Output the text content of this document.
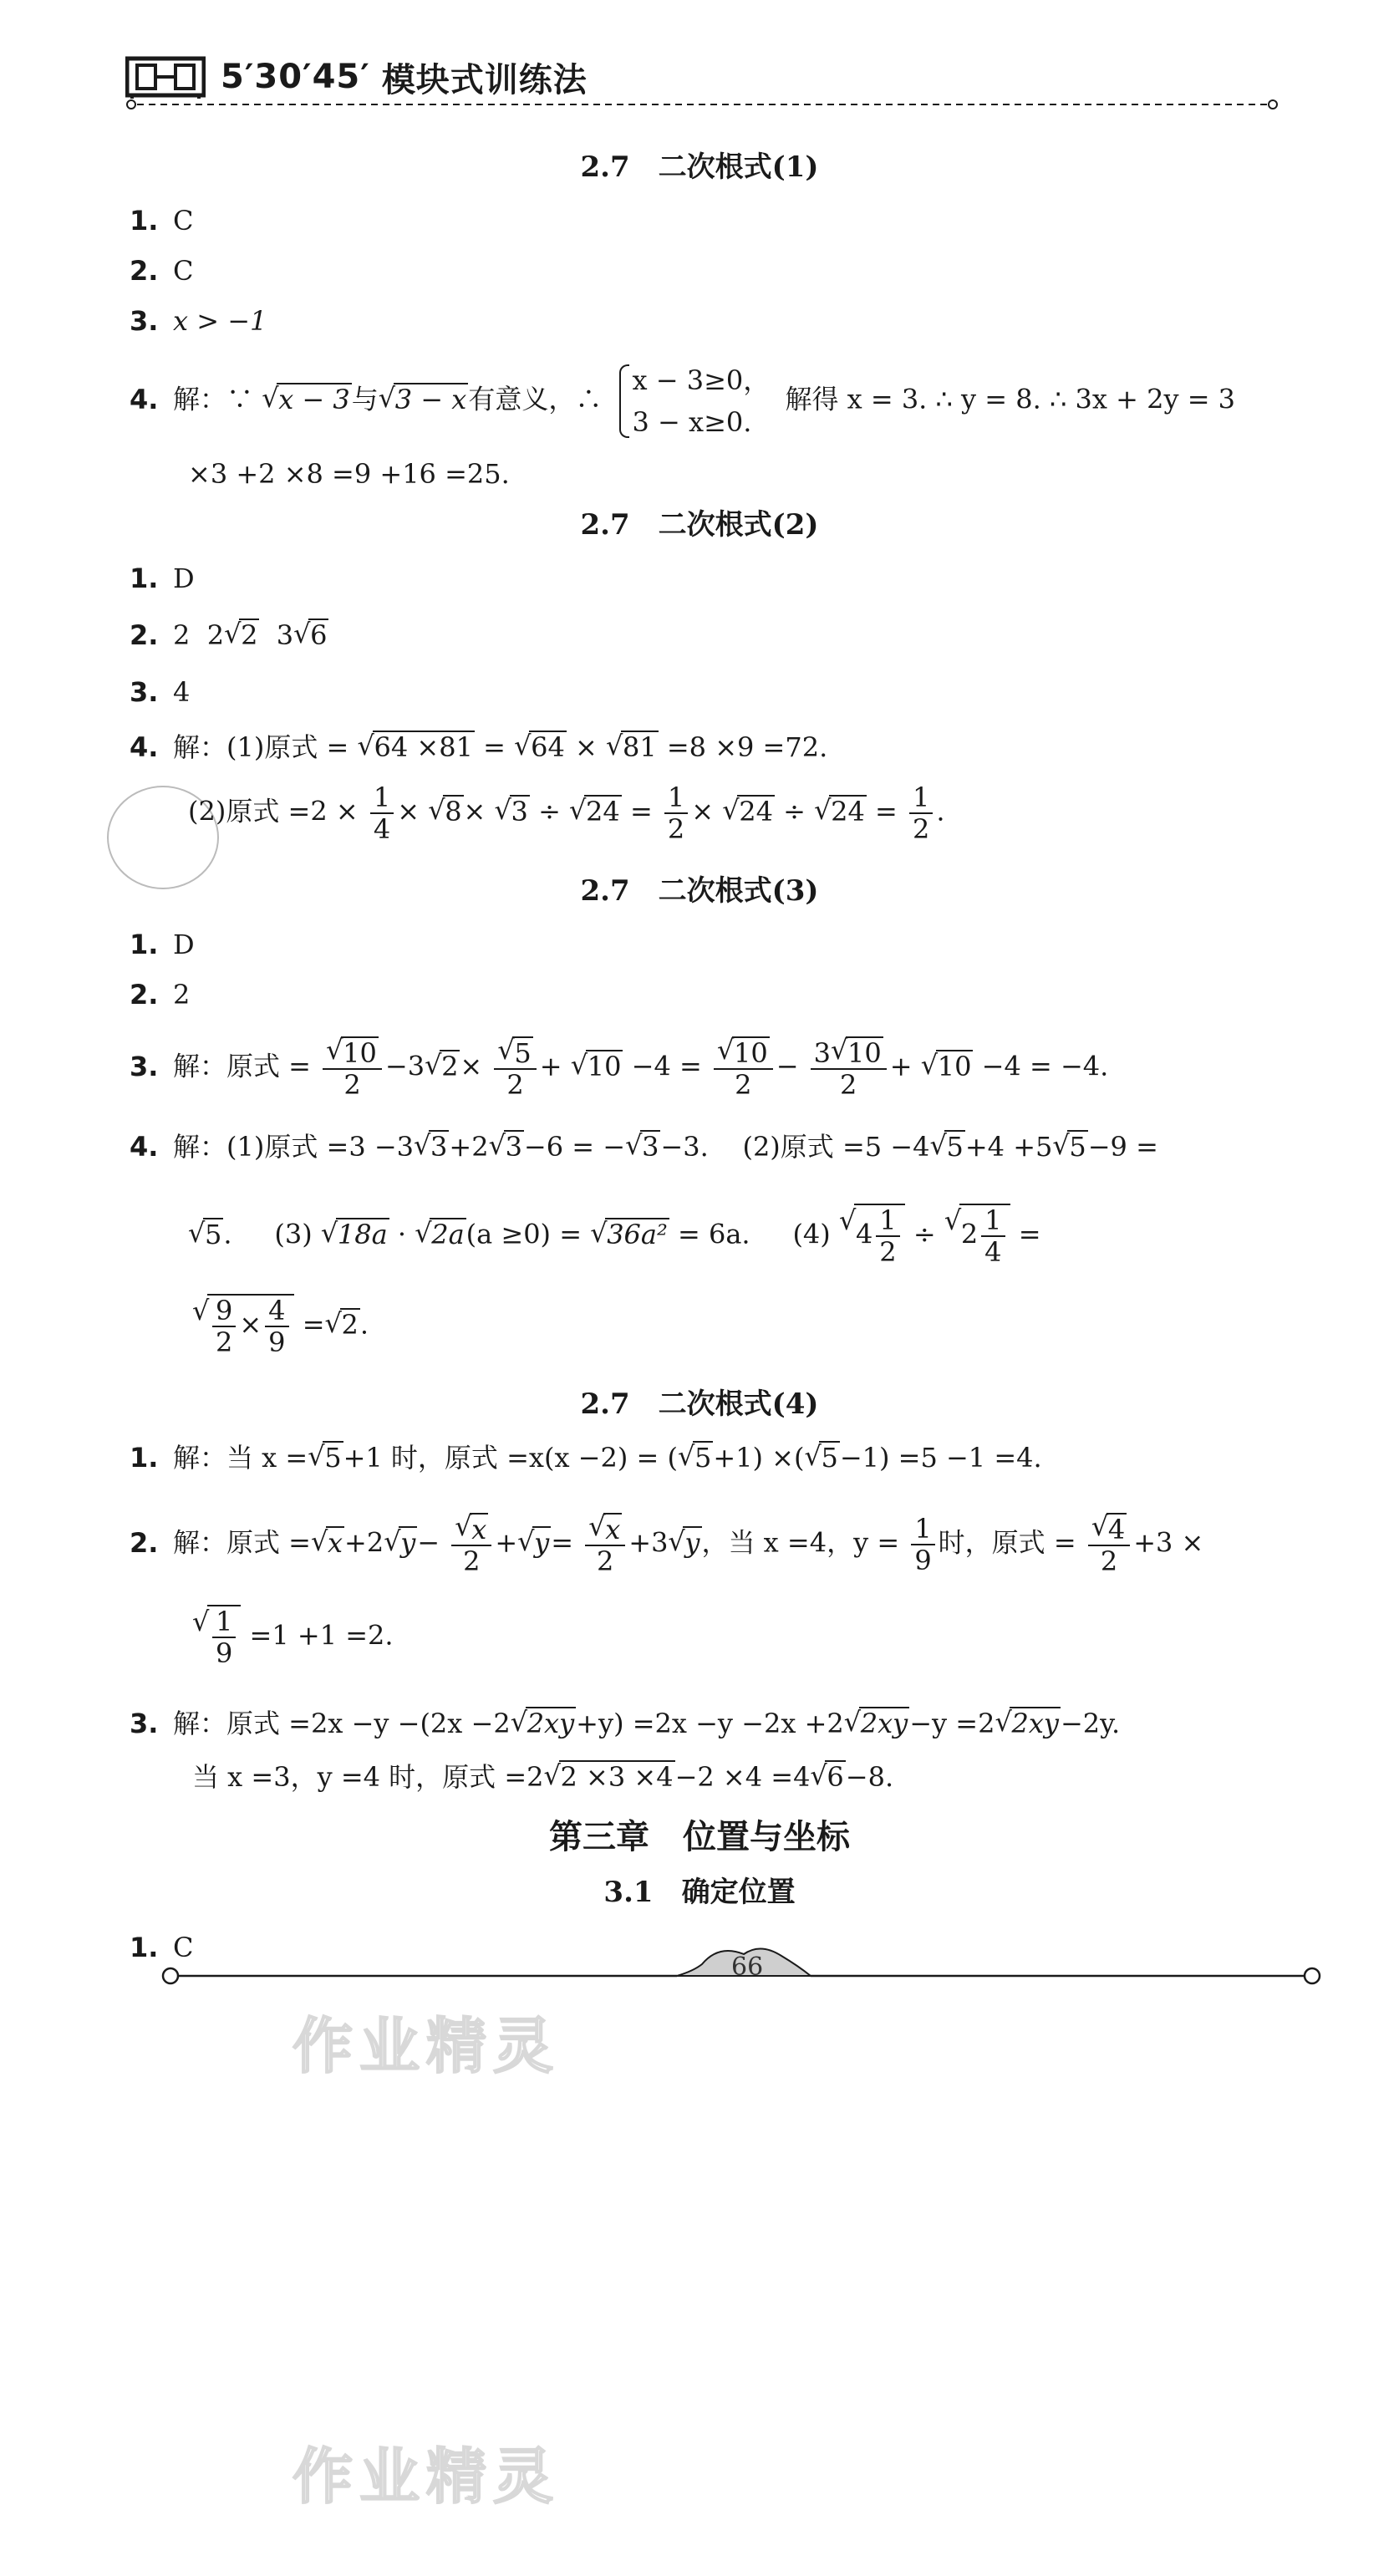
5′30′45′ 模块式训练法
2.7　二次根式(1)
1. C
2. C
3. x > −1
4. 解：∵ √ x − 3与√ 3 − x有意义，∴
x − 3≥0，
3 − x≥0.
解得 x = 3. ∴ y = 8. ∴ 3x + 2y = 3
×3 +2 ×8 =9 +16 =25.
2.7　二次根式(2)
1. D
2. 2 2√ 2 3√ 6
3. 4
4. 解：(1)原式 = √ 64 ×81 = √ 64 × √ 81 =8 ×9 =72.
(2)原式 $=2 \times \frac{1}{4}$ × √ 8× √ 3 ÷ √ $24 = \frac{1}{2}$ × √ 24 ÷ √ $24 = \frac{1}{2}$ .
2.7　二次根式(3)
1. D
2. 2
3. 解：原式 =
√ $\frac{10}{2} -3√$ 2×
√ $\frac{5}{2}$ + √ 10 −4 =
√ $\frac{10}{2} - \frac{3√ 10}{2}$ + √ 10 −4 = −4.
4. 解：(1)原式 =3 −3√ 3+2√ 3−6 = −√ 3−3. (2)原式 =5 −4√ 5+4 +5√ 5−9 =
√ 5. (3) √ 18a · √ 2a(a ≥0) = √ 36a² = 6a. (4) √ $4 \frac{1}{2}$ ÷ √ $2 \frac{1}{4}$ =
√ $\frac{9}{2} \times \frac{4}{9}$ =√ 2.
2.7　二次根式(4)
1. 解：当 x =√ 5+1 时，原式 =x(x −2) = (√ 5+1) ×(√ 5−1) =5 −1 =4.
2. 解：原式 =√ x+2√ y−
√ $\frac{x}{2}$ +√ y=
√ $\frac{x}{2} +3√$ y，当 x =4，$y = \frac{1}{9}$ 时，原式 =
√ $\frac{4}{2} +3$ ×
√ $\frac{1}{9} =1 +1 =2$.
3. 解：原式 =2x −y −(2x −2√ 2xy+y) =2x −y −2x +2√ 2xy−y =2√ 2xy−2y.
当 x =3，y =4 时，原式 =2√ 2 ×3 ×4−2 ×4 =4√ 6−8.
第三章　位置与坐标
3.1　确定位置
1. C
66
作业精灵
作业精灵
